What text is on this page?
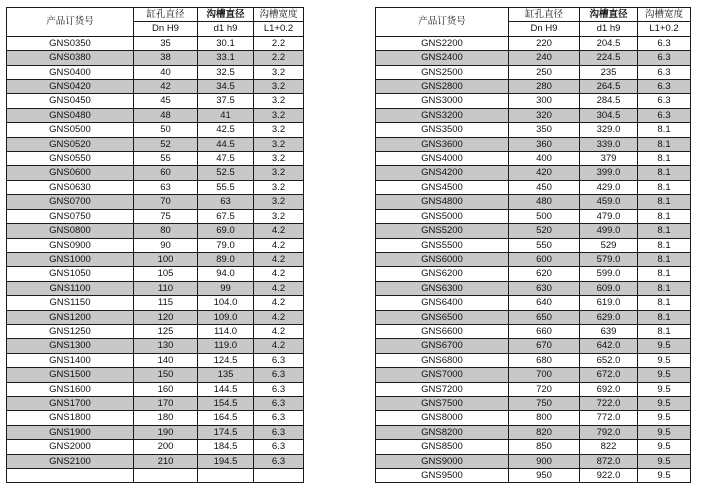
产品订货号	缸孔直径	沟槽直径	沟槽宽度
	Dn H9	d1 h9	L1+0.2
GNS0350	35	30.1	2.2
GNS0380	38	33.1	2.2
GNS0400	40	32.5	3.2
GNS0420	42	34.5	3.2
GNS0450	45	37.5	3.2
GNS0480	48	41	3.2
GNS0500	50	42.5	3.2
GNS0520	52	44.5	3.2
GNS0550	55	47.5	3.2
GNS0600	60	52.5	3.2
GNS0630	63	55.5	3.2
GNS0700	70	63	3.2
GNS0750	75	67.5	3.2
GNS0800	80	69.0	4.2
GNS0900	90	79.0	4.2
GNS1000	100	89.0	4.2
GNS1050	105	94.0	4.2
GNS1100	110	99	4.2
GNS1150	115	104.0	4.2
GNS1200	120	109.0	4.2
GNS1250	125	114.0	4.2
GNS1300	130	119.0	4.2
GNS1400	140	124.5	6.3
GNS1500	150	135	6.3
GNS1600	160	144.5	6.3
GNS1700	170	154.5	6.3
GNS1800	180	164.5	6.3
GNS1900	190	174.5	6.3
GNS2000	200	184.5	6.3
GNS2100	210	194.5	6.3

产品订货号	缸孔直径	沟槽直径	沟槽宽度
	Dn H9	d1 h9	L1+0.2
GNS2200	220	204.5	6.3
GNS2400	240	224.5	6.3
GNS2500	250	235	6.3
GNS2800	280	264.5	6.3
GNS3000	300	284.5	6.3
GNS3200	320	304.5	6.3
GNS3500	350	329.0	8.1
GNS3600	360	339.0	8.1
GNS4000	400	379	8.1
GNS4200	420	399.0	8.1
GNS4500	450	429.0	8.1
GNS4800	480	459.0	8.1
GNS5000	500	479.0	8.1
GNS5200	520	499.0	8.1
GNS5500	550	529	8.1
GNS6000	600	579.0	8.1
GNS6200	620	599.0	8.1
GNS6300	630	609.0	8.1
GNS6400	640	619.0	8.1
GNS6500	650	629.0	8.1
GNS6600	660	639	8.1
GNS6700	670	642.0	9.5
GNS6800	680	652.0	9.5
GNS7000	700	672.0	9.5
GNS7200	720	692.0	9.5
GNS7500	750	722.0	9.5
GNS8000	800	772.0	9.5
GNS8200	820	792.0	9.5
GNS8500	850	822	9.5
GNS9000	900	872.0	9.5
GNS9500	950	922.0	9.5
